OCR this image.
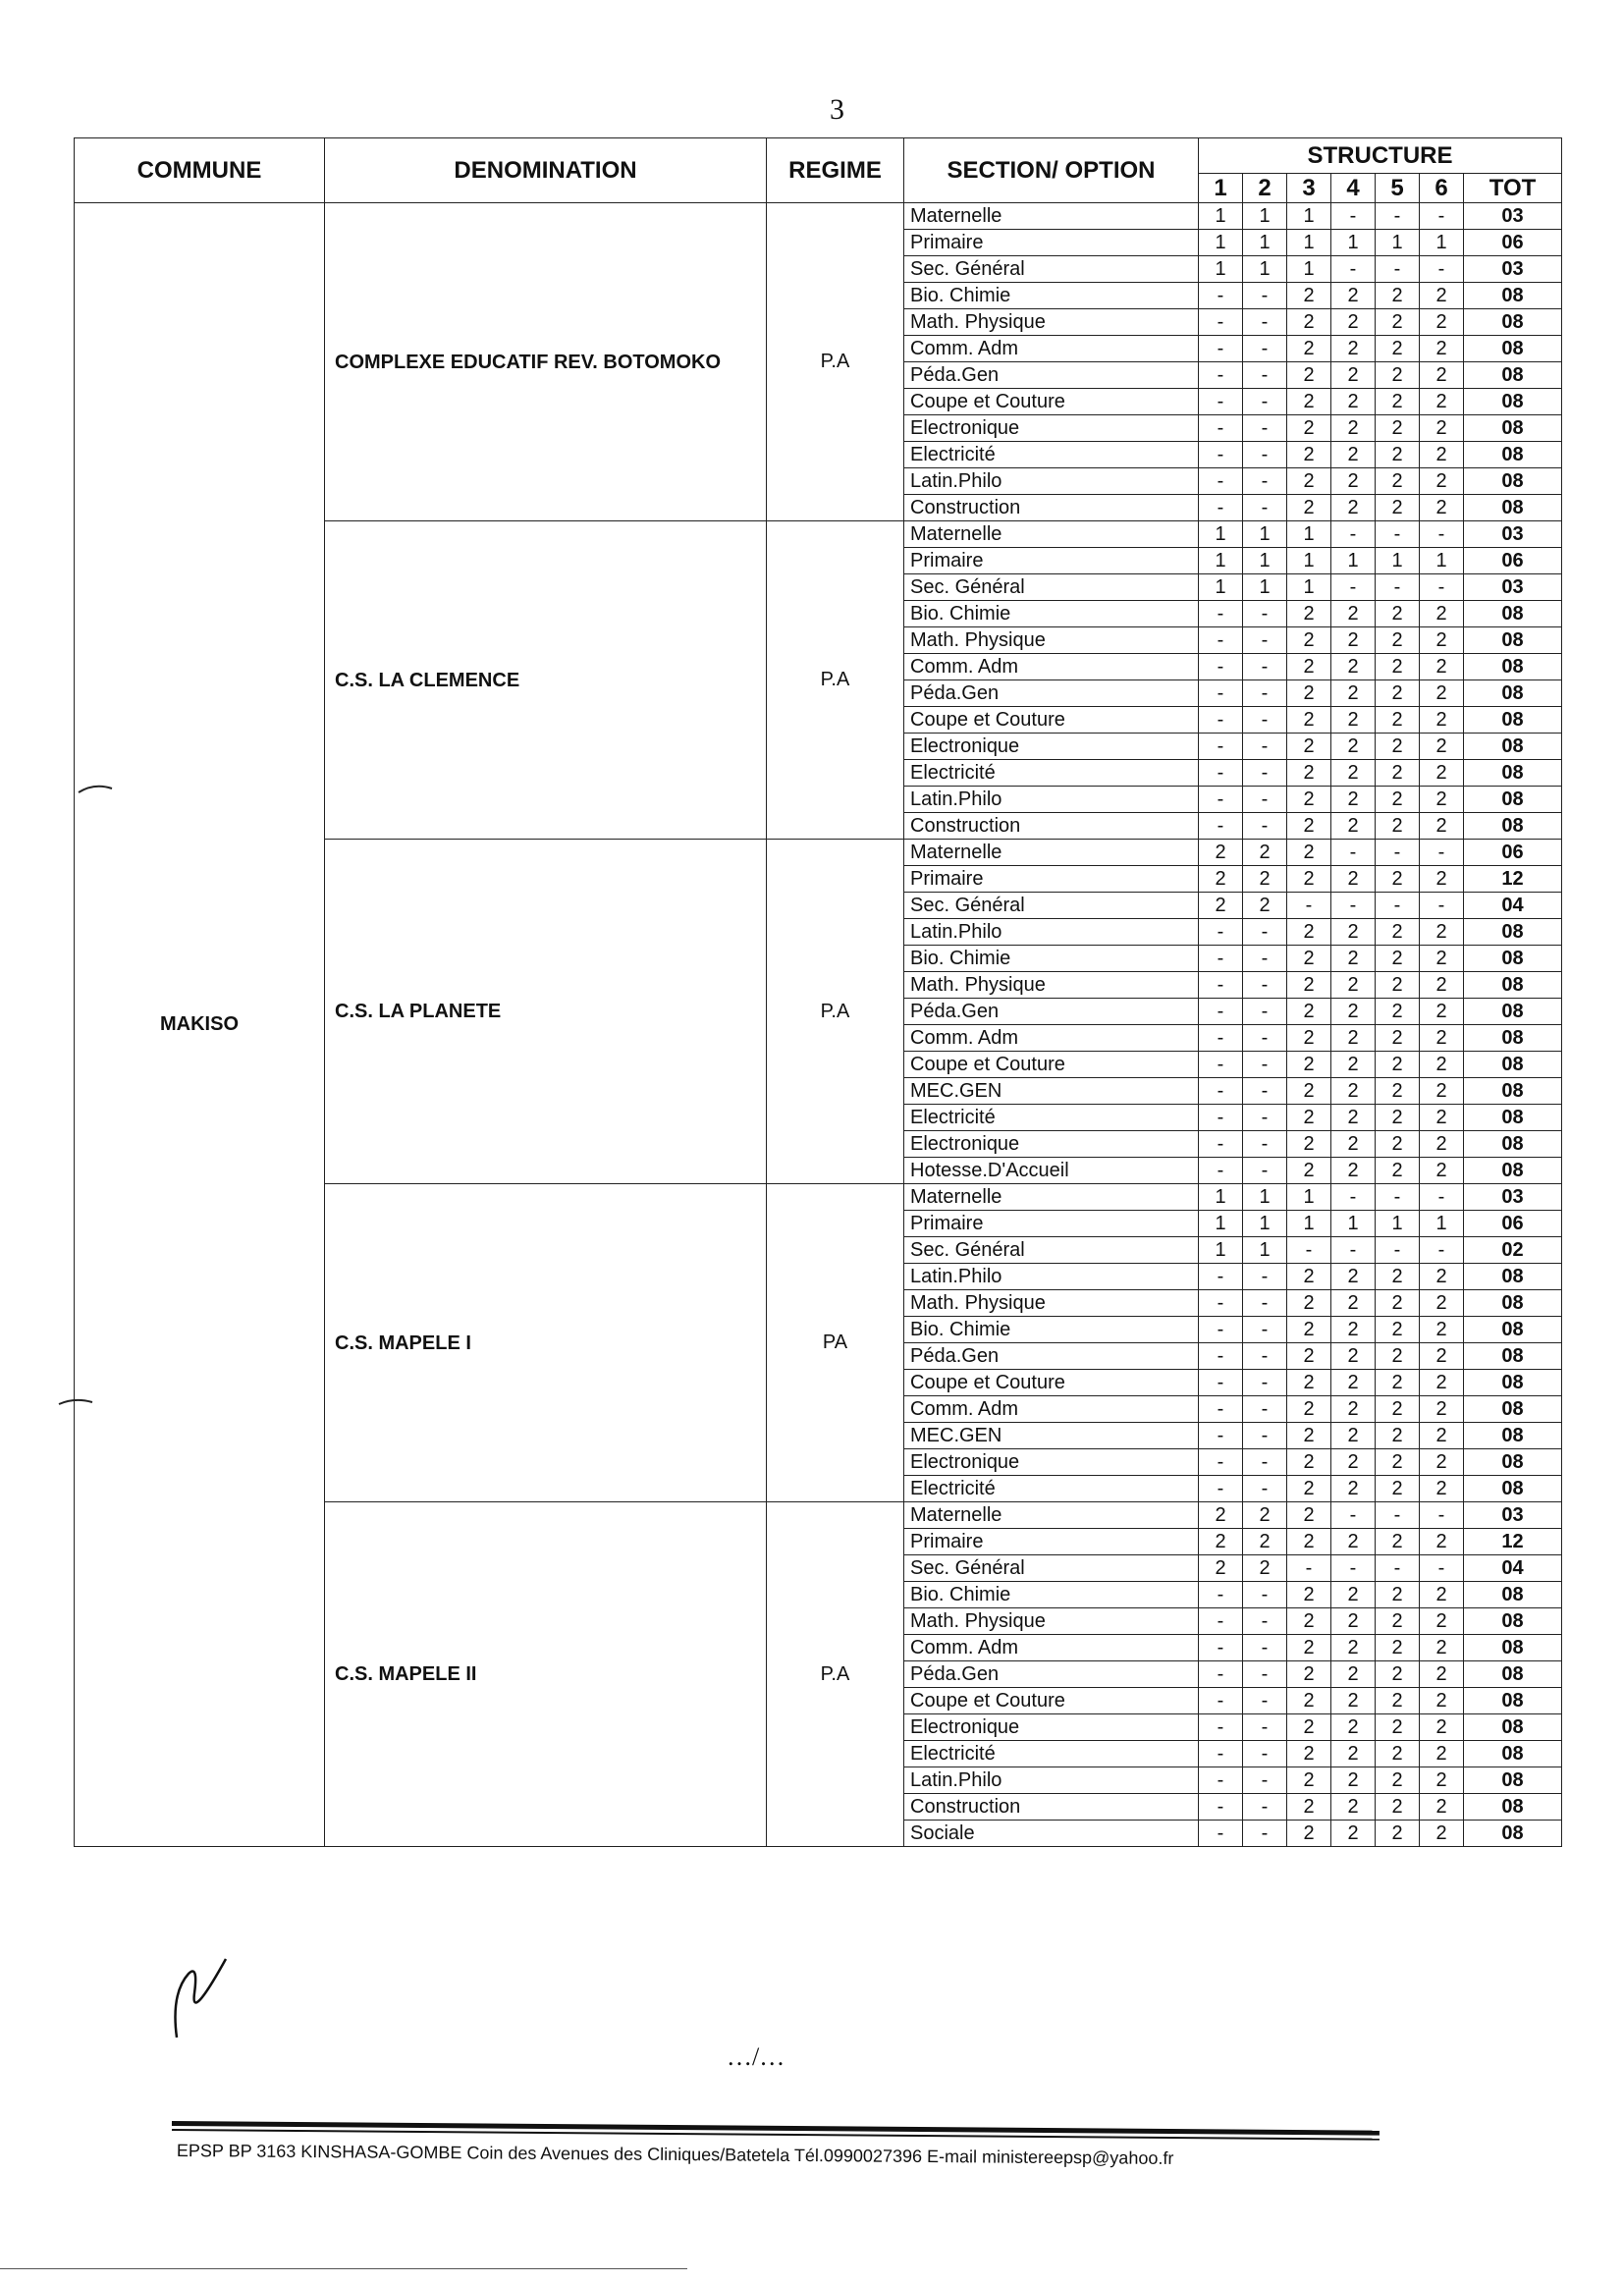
3
COMMUNE	DENOMINATION	REGIME	SECTION/ OPTION	STRUCTURE						
				1	2	3	4	5	6	TOT
MAKISO	COMPLEXE EDUCATIF REV. BOTOMOKO	P.A	Maternelle	1	1	1	-	-	-	03
			Primaire	1	1	1	1	1	1	06
			Sec. Général	1	1	1	-	-	-	03
			Bio. Chimie	-	-	2	2	2	2	08
			Math. Physique	-	-	2	2	2	2	08
			Comm. Adm	-	-	2	2	2	2	08
			Péda.Gen	-	-	2	2	2	2	08
			Coupe et Couture	-	-	2	2	2	2	08
			Electronique	-	-	2	2	2	2	08
			Electricité	-	-	2	2	2	2	08
			Latin.Philo	-	-	2	2	2	2	08
			Construction	-	-	2	2	2	2	08
	C.S. LA CLEMENCE	P.A	Maternelle	1	1	1	-	-	-	03
			Primaire	1	1	1	1	1	1	06
			Sec. Général	1	1	1	-	-	-	03
			Bio. Chimie	-	-	2	2	2	2	08
			Math. Physique	-	-	2	2	2	2	08
			Comm. Adm	-	-	2	2	2	2	08
			Péda.Gen	-	-	2	2	2	2	08
			Coupe et Couture	-	-	2	2	2	2	08
			Electronique	-	-	2	2	2	2	08
			Electricité	-	-	2	2	2	2	08
			Latin.Philo	-	-	2	2	2	2	08
			Construction	-	-	2	2	2	2	08
	C.S. LA PLANETE	P.A	Maternelle	2	2	2	-	-	-	06
			Primaire	2	2	2	2	2	2	12
			Sec. Général	2	2	-	-	-	-	04
			Latin.Philo	-	-	2	2	2	2	08
			Bio. Chimie	-	-	2	2	2	2	08
			Math. Physique	-	-	2	2	2	2	08
			Péda.Gen	-	-	2	2	2	2	08
			Comm. Adm	-	-	2	2	2	2	08
			Coupe et Couture	-	-	2	2	2	2	08
			MEC.GEN	-	-	2	2	2	2	08
			Electricité	-	-	2	2	2	2	08
			Electronique	-	-	2	2	2	2	08
			Hotesse.D'Accueil	-	-	2	2	2	2	08
	C.S. MAPELE I	PA	Maternelle	1	1	1	-	-	-	03
			Primaire	1	1	1	1	1	1	06
			Sec. Général	1	1	-	-	-	-	02
			Latin.Philo	-	-	2	2	2	2	08
			Math. Physique	-	-	2	2	2	2	08
			Bio. Chimie	-	-	2	2	2	2	08
			Péda.Gen	-	-	2	2	2	2	08
			Coupe et Couture	-	-	2	2	2	2	08
			Comm. Adm	-	-	2	2	2	2	08
			MEC.GEN	-	-	2	2	2	2	08
			Electronique	-	-	2	2	2	2	08
			Electricité	-	-	2	2	2	2	08
	C.S. MAPELE II	P.A	Maternelle	2	2	2	-	-	-	03
			Primaire	2	2	2	2	2	2	12
			Sec. Général	2	2	-	-	-	-	04
			Bio. Chimie	-	-	2	2	2	2	08
			Math. Physique	-	-	2	2	2	2	08
			Comm. Adm	-	-	2	2	2	2	08
			Péda.Gen	-	-	2	2	2	2	08
			Coupe et Couture	-	-	2	2	2	2	08
			Electronique	-	-	2	2	2	2	08
			Electricité	-	-	2	2	2	2	08
			Latin.Philo	-	-	2	2	2	2	08
			Construction	-	-	2	2	2	2	08
			Sociale	-	-	2	2	2	2	08
…/…
EPSP BP 3163 KINSHASA-GOMBE Coin des Avenues des Cliniques/Batetela Tél.0990027396 E-mail ministereepsp@yahoo.fr
